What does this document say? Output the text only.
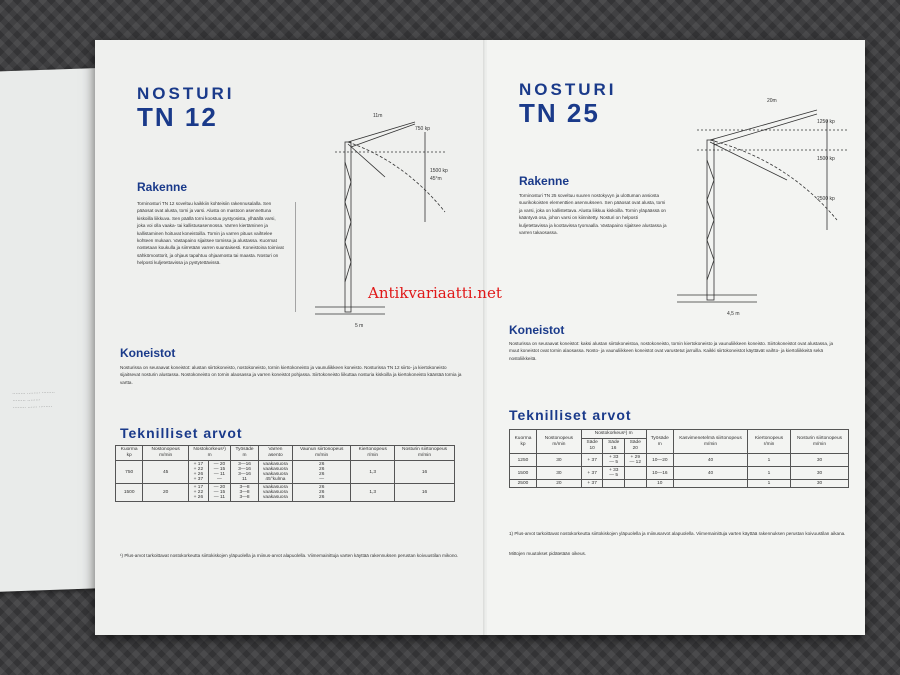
········ ········ ········
········ ········
········ ······ ········
NOSTURI
TN 12	11m
750 kp
1500 kp
45°m
5 m
Rakenne
Torninosturi TN 12 soveltuu kaikkiin kohteisiin rakennusalalla. Sen pääosat ovat alusta, torni ja varsi. Alusta on mastoon asennettuna kiskoilla liikkuva. Sen päällä torni koostuu pystyosista, ylhäällä varsi, joka voi olla vaaka- tai kallistusasennossa. Varren kiertäminen ja kallistaminen hoituvat koneistoilla. Tornin ja varren pituus vaihtelee kohteen mukaan. Vastapaino sijaitsee tornissa ja alustassa. Kuormat nostetaan koukulla ja siirretään varren suuntaisesti. Koneistoina toimivat sähkömoottorit, ja ohjaus tapahtuu ohjaamosta tai maasta. Nosturi on helposti kuljetettavissa ja pystytettävissä.
Koneistot
Nosturissa on seuraavat koneistot: alustan siirtokoneisto, nostokoneisto, tornin kiertokoneisto ja vaunuliikkeen koneisto. Nosturissa TN 12 siirto- ja kiertokoneisto sijaitsevat nosturin alustassa. Nostokoneisto on tornin alaosassa ja varren koneistot pohjassa. Siirtokoneisto liikuttaa nosturia kiskoilla ja kiertokoneisto kääntää tornia ja vartta.
Teknilliset arvot
Kuorma kp	Nostonopeus m/min	Nostokorkeus¹) m		Työsäde m	Varren asento	Vaunun siirtonopeus m/min	Kiertonopeus r/min	Nosturin siirtonopeus m/min
750	45	+ 17
+ 22
+ 26
+ 37	— 20
— 15
— 11
—	3—16
3—16
3—16
11	vaakasuora
vaakasuora
vaakasuora
45°kulma	26
26
26
—	1,3	16
1500	20	+ 17
+ 22
+ 26	— 20
— 15
— 11	3—8
3—8
3—8	vaakasuora
vaakasuora
vaakasuora	26
26
26	1,3	16
¹) Plus-arvot tarkoittavat nostokorkeutta siirtokiskojen yläpuolella ja miinus-arvot alapuolella. Viimemainittuja varten käyttää rakennuksen perustan koivuustilan mikono.
NOSTURI
TN 25	20m
1250 kp
1500 kp
2500 kp
4,5 m
Rakenne
Torninosturi TN 25 soveltuu suuren nostokyvyn ja ulottuman ansiosta suurikokoisten elementtien asennukseen. Sen pääosat ovat alusta, torni ja varsi, joka on kallistettava. Alusta liikkuu kiskoilla. Tornin yläpäässä on kääntyvä osa, johon varsi on kiinnitetty. Nosturi on helposti kuljetettavissa ja koottavissa tyomaalla. Vastapaino sijaitsee alustassa ja varren takaosassa.
Koneistot
Nosturissa on seuraavat koneistot: kaksi alustan siirtokoneistoa, nostokoneisto, tornin kiertokoneisto ja vaunuliikkeen koneisto. Siirtokoneistot ovat alustassa, ja muut koneistot ovat tornin alaosassa. Nosto- ja vaunuliikkeen koneistot ovat varustetut jarruilla. Kaikki siirtokoneistot käyttävät vaihto- ja kiertoliikkeitä sekä nostoliikkeitä.
Teknilliset arvot
Kuorma kp	Nostonopeus m/min	Nostokorkeus¹) m			Työsäde m	Kasvimenetelmä siirtonopeus m/min	Kiertonopeus r/min	Nosturin siirtonopeus m/min
		Säde 10	Säde 16	Säde 20				
1250	30	+ 37	+ 33
— 5	+ 29
— 12	10—20	40	1	30
1500	30	+ 37	+ 33
— 5		10—16	40	1	30
2500	20	+ 37			10		1	30
1) Plus-arvot tarkoittavat nostokorkeutta siirtokiskojen yläpuolella ja miinusarvot alapuolella. Viimemainittuja varten käyttää rakennuksen perustan koivuustilan aikana.
Mittojen muutokset pidätetään oikeus.
Antikvariaatti.net
